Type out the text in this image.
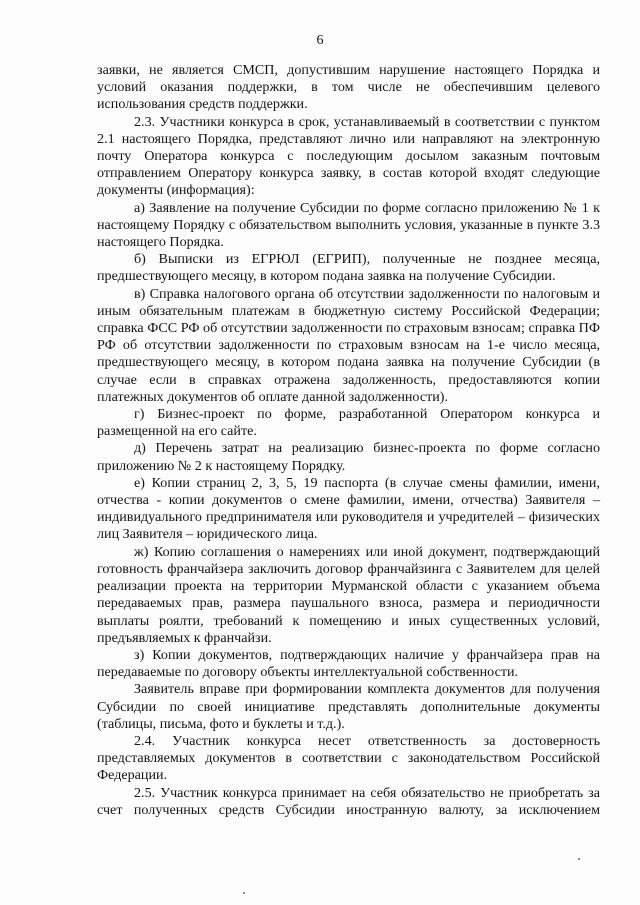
6

заявки, не является СМСП, допустившим нарушение настоящего Порядка и условий оказания поддержки, в том числе не обеспечившим целевого использования средств поддержки.

2.3. Участники конкурса в срок, устанавливаемый в соответствии с пунктом 2.1 настоящего Порядка, представляют лично или направляют на электронную почту Оператора конкурса с последующим досылом заказным почтовым отправлением Оператору конкурса заявку, в состав которой входят следующие документы (информация):

а) Заявление на получение Субсидии по форме согласно приложению № 1 к настоящему Порядку с обязательством выполнить условия, указанные в пункте 3.3 настоящего Порядка.

б) Выписки из ЕГРЮЛ (ЕГРИП), полученные не позднее месяца, предшествующего месяцу, в котором подана заявка на получение Субсидии.

в) Справка налогового органа об отсутствии задолженности по налоговым и иным обязательным платежам в бюджетную систему Российской Федерации; справка ФСС РФ об отсутствии задолженности по страховым взносам; справка ПФ РФ об отсутствии задолженности по страховым взносам на 1-е число месяца, предшествующего месяцу, в котором подана заявка на получение Субсидии (в случае если в справках отражена задолженность, предоставляются копии платежных документов об оплате данной задолженности).

г) Бизнес-проект по форме, разработанной Оператором конкурса и размещенной на его сайте.

д) Перечень затрат на реализацию бизнес-проекта по форме согласно приложению № 2 к настоящему Порядку.

е) Копии страниц 2, 3, 5, 19 паспорта (в случае смены фамилии, имени, отчества - копии документов о смене фамилии, имени, отчества) Заявителя – индивидуального предпринимателя или руководителя и учредителей – физических лиц Заявителя – юридического лица.

ж) Копию соглашения о намерениях или иной документ, подтверждающий готовность франчайзера заключить договор франчайзинга с Заявителем для целей реализации проекта на территории Мурманской области с указанием объема передаваемых прав, размера паушального взноса, размера и периодичности выплаты роялти, требований к помещению и иных существенных условий, предъявляемых к франчайзи.

з) Копии документов, подтверждающих наличие у франчайзера прав на передаваемые по договору объекты интеллектуальной собственности.

Заявитель вправе при формировании комплекта документов для получения Субсидии по своей инициативе представлять дополнительные документы (таблицы, письма, фото и буклеты и т.д.).

2.4. Участник конкурса несет ответственность за достоверность представляемых документов в соответствии с законодательством Российской Федерации.

2.5. Участник конкурса принимает на себя обязательство не приобретать за счет полученных средств Субсидии иностранную валюту, за исключением
